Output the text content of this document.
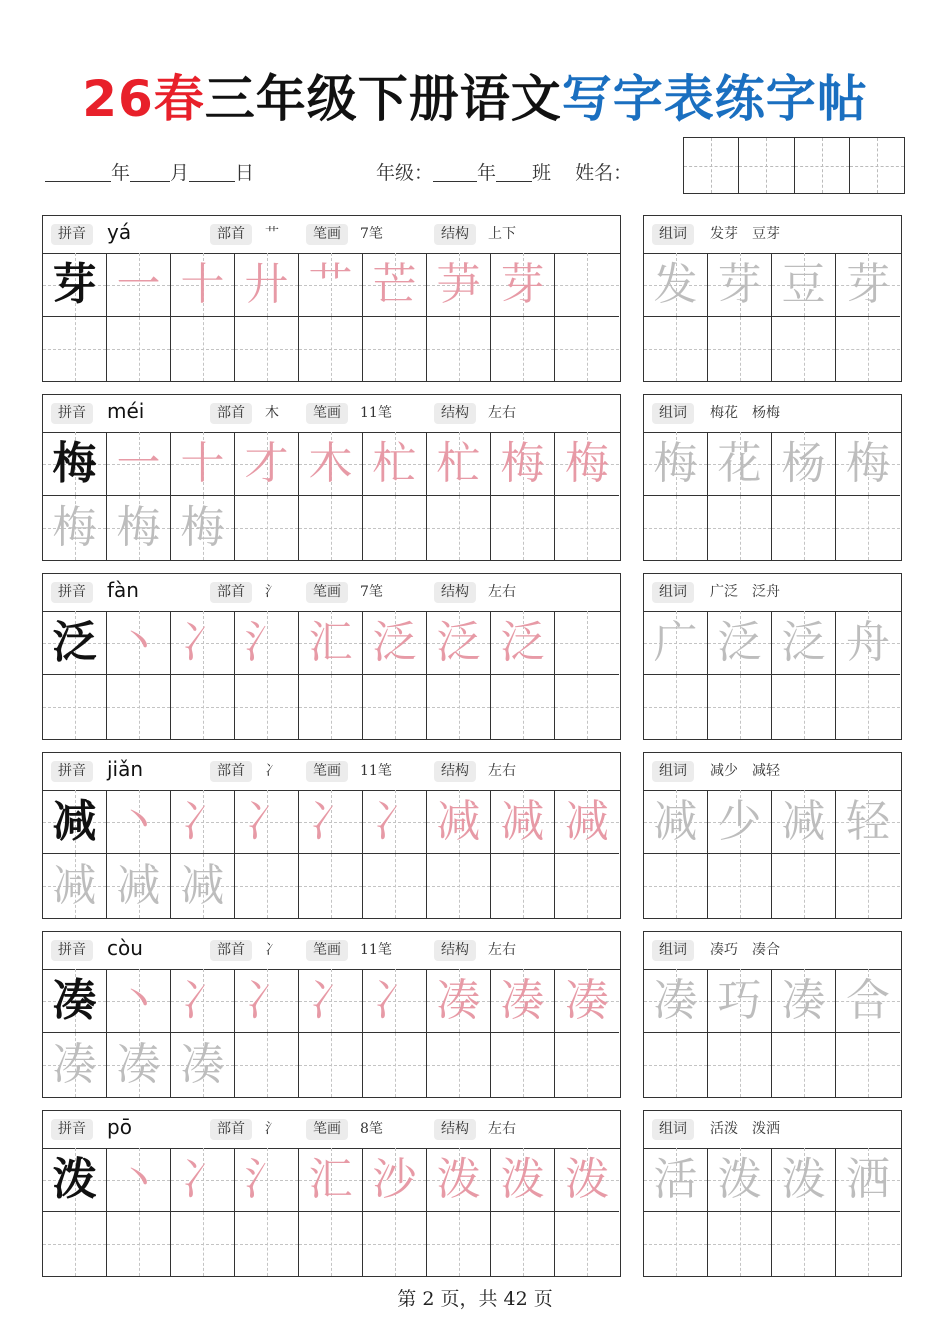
26春三年级下册语文写字表练字帖
年 月 日	年级： 年 班 姓名：
拼音	yá	部首	艹	笔画	7笔	结构	上下
芽 一 十 廾 艹 芒 芛 芽
组词	发芽　豆芽
发 芽 豆 芽
拼音	méi	部首	木	笔画	11笔	结构	左右
梅 一 十 才 木 杧 杧 梅 梅
梅 梅 梅
组词	梅花　杨梅
梅 花 杨 梅
拼音	fàn	部首	氵	笔画	7笔	结构	左右
泛 丶 冫 氵 汇 泛 泛 泛
组词	广泛　泛舟
广 泛 泛 舟
拼音	jiǎn	部首	冫	笔画	11笔	结构	左右
减 丶 冫 冫 冫 冫 减 减 减
减 减 减
组词	减少　减轻
减 少 减 轻
拼音	còu	部首	冫	笔画	11笔	结构	左右
凑 丶 冫 冫 冫 冫 凑 凑 凑
凑 凑 凑
组词	凑巧　凑合
凑 巧 凑 合
拼音	pō	部首	氵	笔画	8笔	结构	左右
泼 丶 冫 氵 汇 沙 泼 泼 泼
组词	活泼　泼洒
活 泼 泼 洒
第 2 页，共 42 页
